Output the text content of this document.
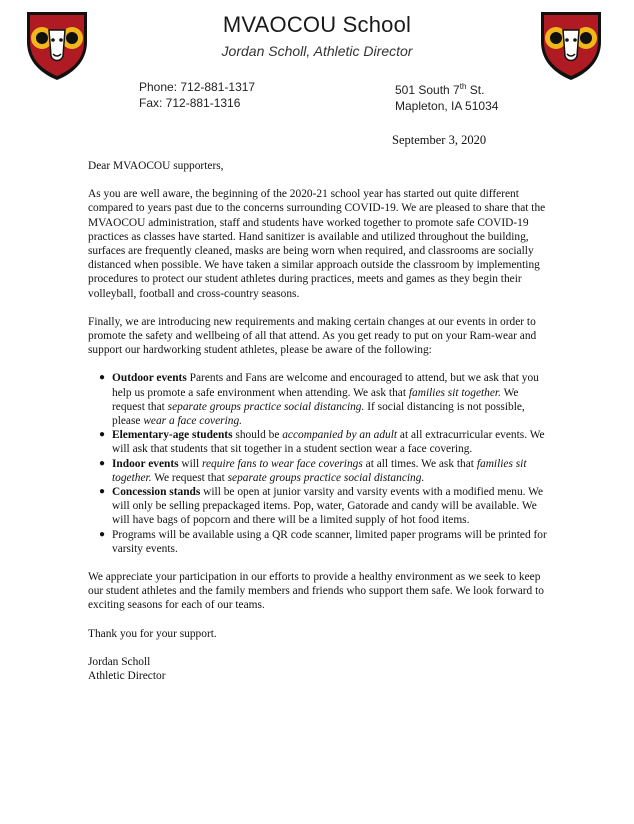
MVAOCOU School
Jordan Scholl, Athletic Director
Phone: 712-881-1317
Fax: 712-881-1316
501 South 7th St.
Mapleton, IA 51034
September 3, 2020

Dear MVAOCOU supporters,

As you are well aware, the beginning of the 2020-21 school year has started out quite different compared to years past due to the concerns surrounding COVID-19. We are pleased to share that the MVAOCOU administration, staff and students have worked together to promote safe COVID-19 practices as classes have started. Hand sanitizer is available and utilized throughout the building, surfaces are frequently cleaned, masks are being worn when required, and classrooms are socially distanced when possible. We have taken a similar approach outside the classroom by implementing procedures to protect our student athletes during practices, meets and games as they begin their volleyball, football and cross-country seasons.

Finally, we are introducing new requirements and making certain changes at our events in order to promote the safety and wellbeing of all that attend. As you get ready to put on your Ram-wear and support our hardworking student athletes, please be aware of the following:

● Outdoor events Parents and Fans are welcome and encouraged to attend, but we ask that you help us promote a safe environment when attending. We ask that families sit together. We request that separate groups practice social distancing. If social distancing is not possible, please wear a face covering.
● Elementary-age students should be accompanied by an adult at all extracurricular events. We will ask that students that sit together in a student section wear a face covering.
● Indoor events will require fans to wear face coverings at all times. We ask that families sit together. We request that separate groups practice social distancing.
● Concession stands will be open at junior varsity and varsity events with a modified menu. We will only be selling prepackaged items. Pop, water, Gatorade and candy will be available. We will have bags of popcorn and there will be a limited supply of hot food items.
● Programs will be available using a QR code scanner, limited paper programs will be printed for varsity events.

We appreciate your participation in our efforts to provide a healthy environment as we seek to keep our student athletes and the family members and friends who support them safe. We look forward to exciting seasons for each of our teams.

Thank you for your support.

Jordan Scholl

Athletic Director
